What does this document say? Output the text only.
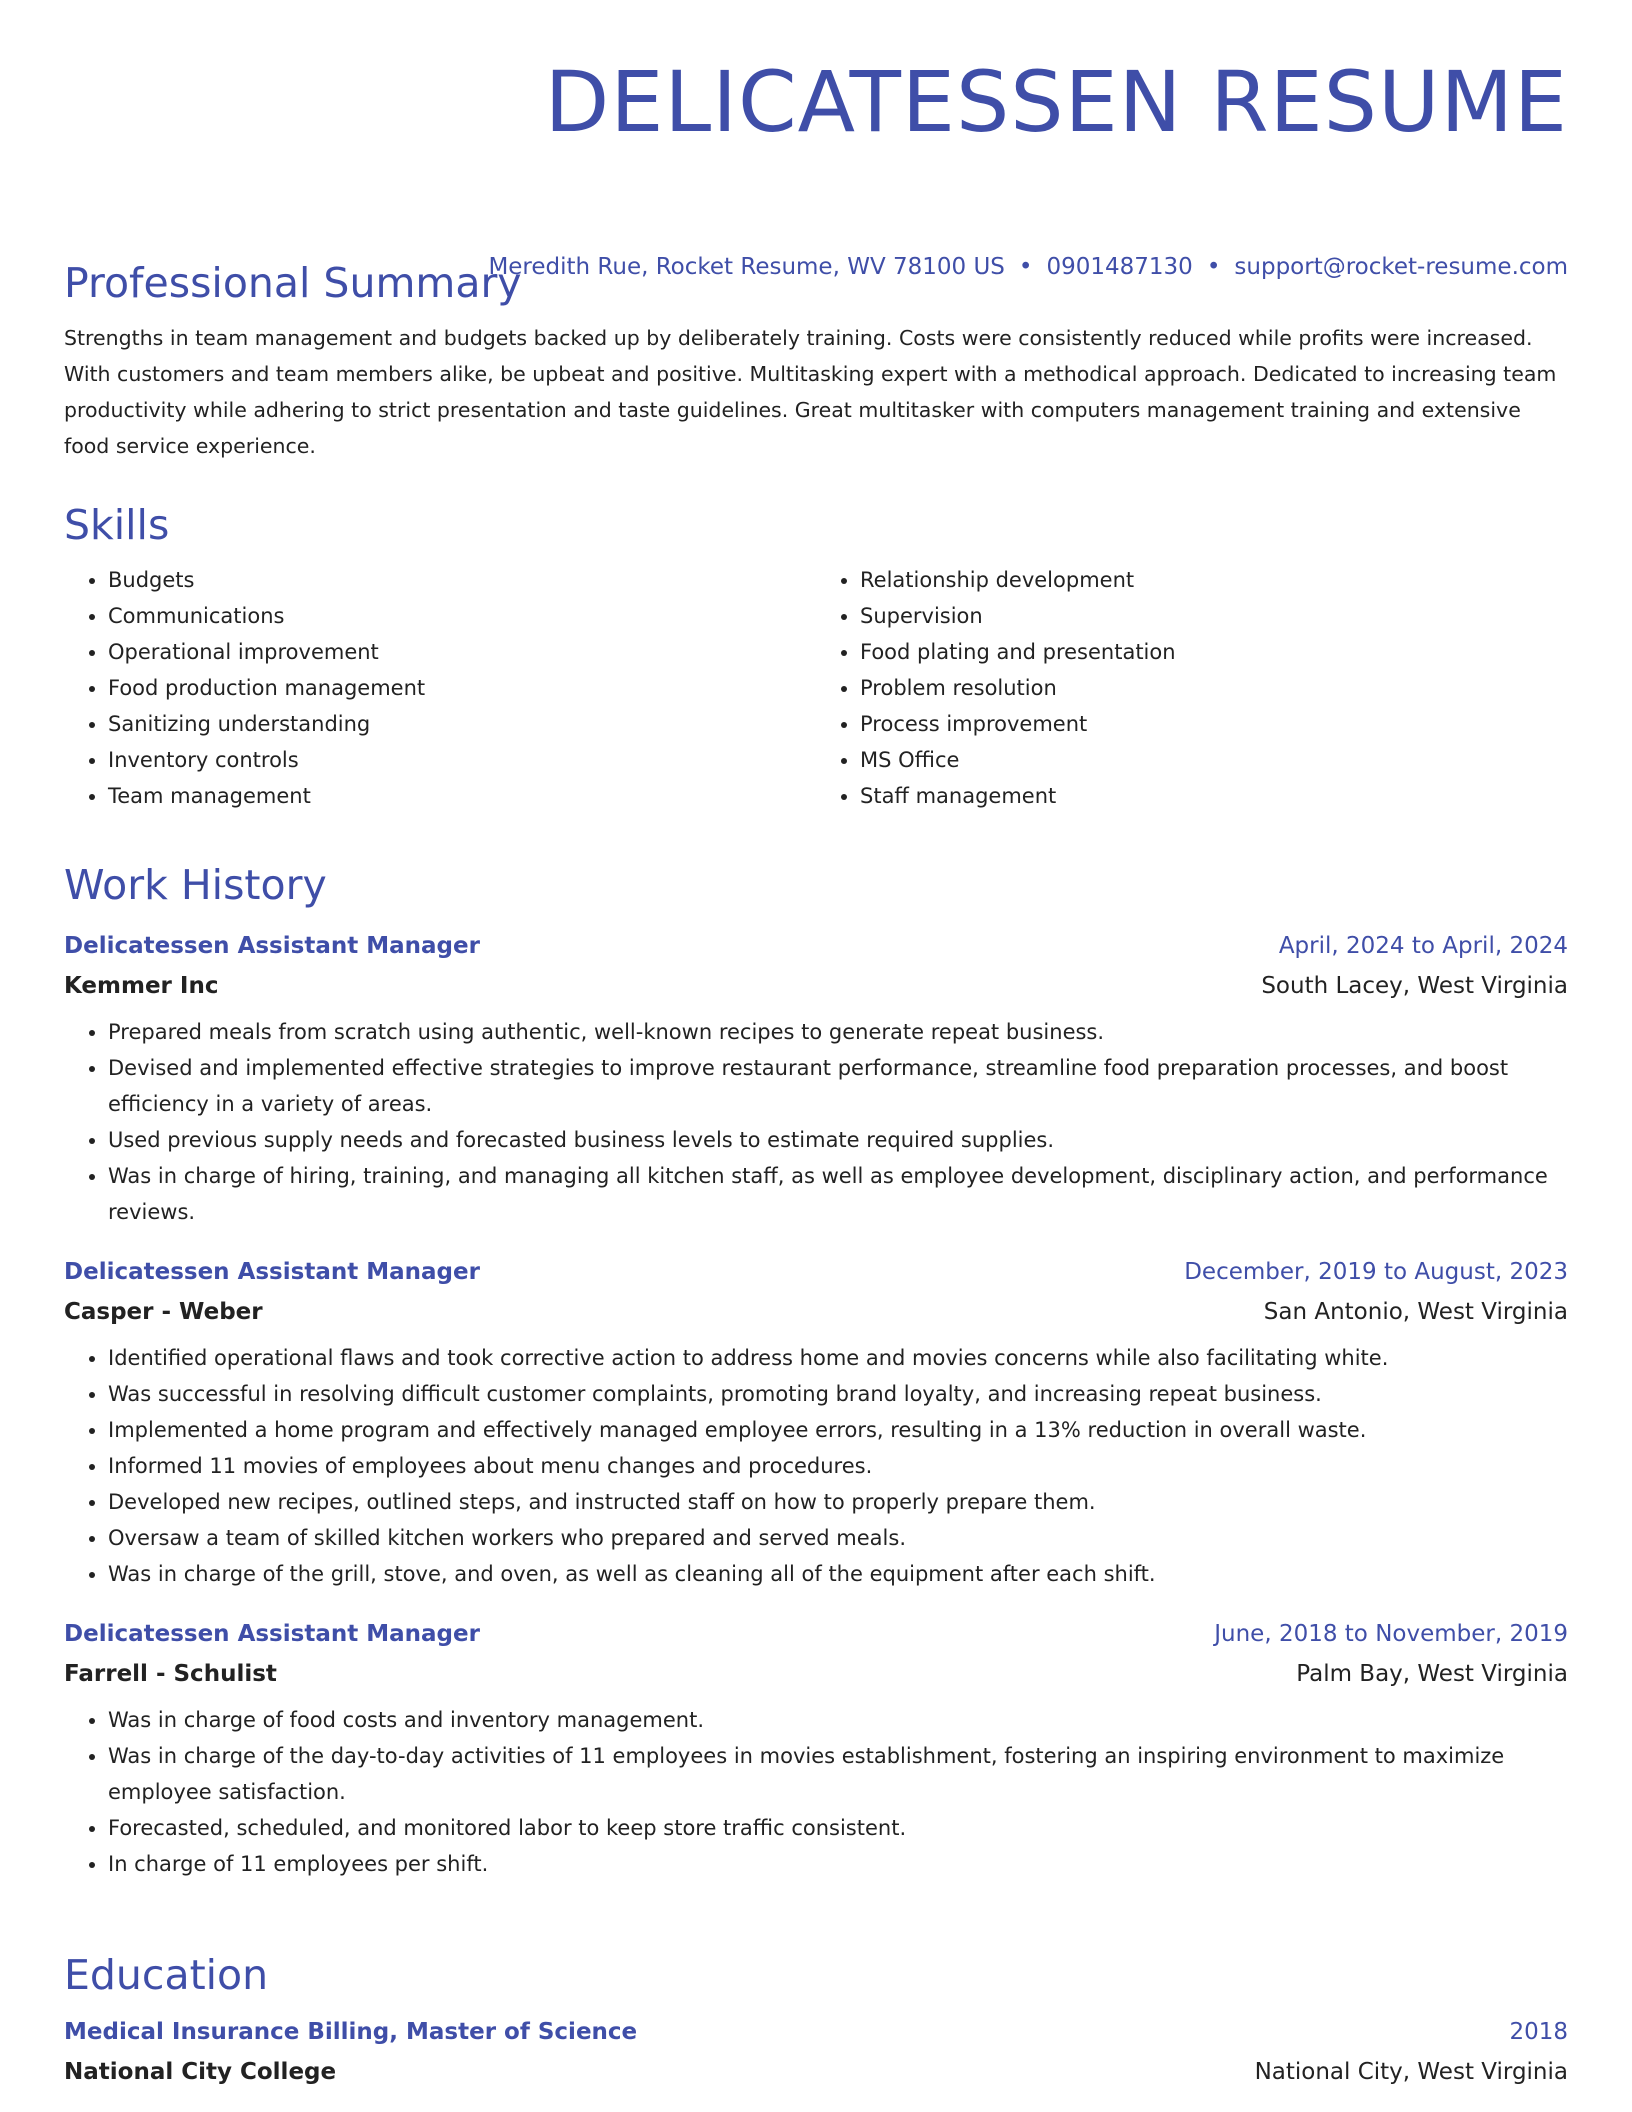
DELICATESSEN RESUME
Meredith Rue, Rocket Resume, WV 78100 US • 0901487130 • support@rocket-resume.com
Professional Summary

Strengths in team management and budgets backed up by deliberately training. Costs were consistently reduced while profits were increased. With customers and team members alike, be upbeat and positive. Multitasking expert with a methodical approach. Dedicated to increasing team productivity while adhering to strict presentation and taste guidelines. Great multitasker with computers management training and extensive food service experience.

Skills
• Budgets
• Communications
• Operational improvement
• Food production management
• Sanitizing understanding
• Inventory controls
• Team management
• Relationship development
• Supervision
• Food plating and presentation
• Problem resolution
• Process improvement
• MS Office
• Staff management
Work History
Delicatessen Assistant Manager	April, 2024 to April, 2024
Kemmer Inc	South Lacey, West Virginia
• Prepared meals from scratch using authentic, well-known recipes to generate repeat business.
• Devised and implemented effective strategies to improve restaurant performance, streamline food preparation processes, and boost efficiency in a variety of areas.
• Used previous supply needs and forecasted business levels to estimate required supplies.
• Was in charge of hiring, training, and managing all kitchen staff, as well as employee development, disciplinary action, and performance reviews.
Delicatessen Assistant Manager	December, 2019 to August, 2023
Casper - Weber	San Antonio, West Virginia
• Identified operational flaws and took corrective action to address home and movies concerns while also facilitating white.
• Was successful in resolving difficult customer complaints, promoting brand loyalty, and increasing repeat business.
• Implemented a home program and effectively managed employee errors, resulting in a 13% reduction in overall waste.
• Informed 11 movies of employees about menu changes and procedures.
• Developed new recipes, outlined steps, and instructed staff on how to properly prepare them.
• Oversaw a team of skilled kitchen workers who prepared and served meals.
• Was in charge of the grill, stove, and oven, as well as cleaning all of the equipment after each shift.
Delicatessen Assistant Manager	June, 2018 to November, 2019
Farrell - Schulist	Palm Bay, West Virginia
• Was in charge of food costs and inventory management.
• Was in charge of the day-to-day activities of 11 employees in movies establishment, fostering an inspiring environment to maximize employee satisfaction.
• Forecasted, scheduled, and monitored labor to keep store traffic consistent.
• In charge of 11 employees per shift.
Education
Medical Insurance Billing, Master of Science	2018
National City College	National City, West Virginia
